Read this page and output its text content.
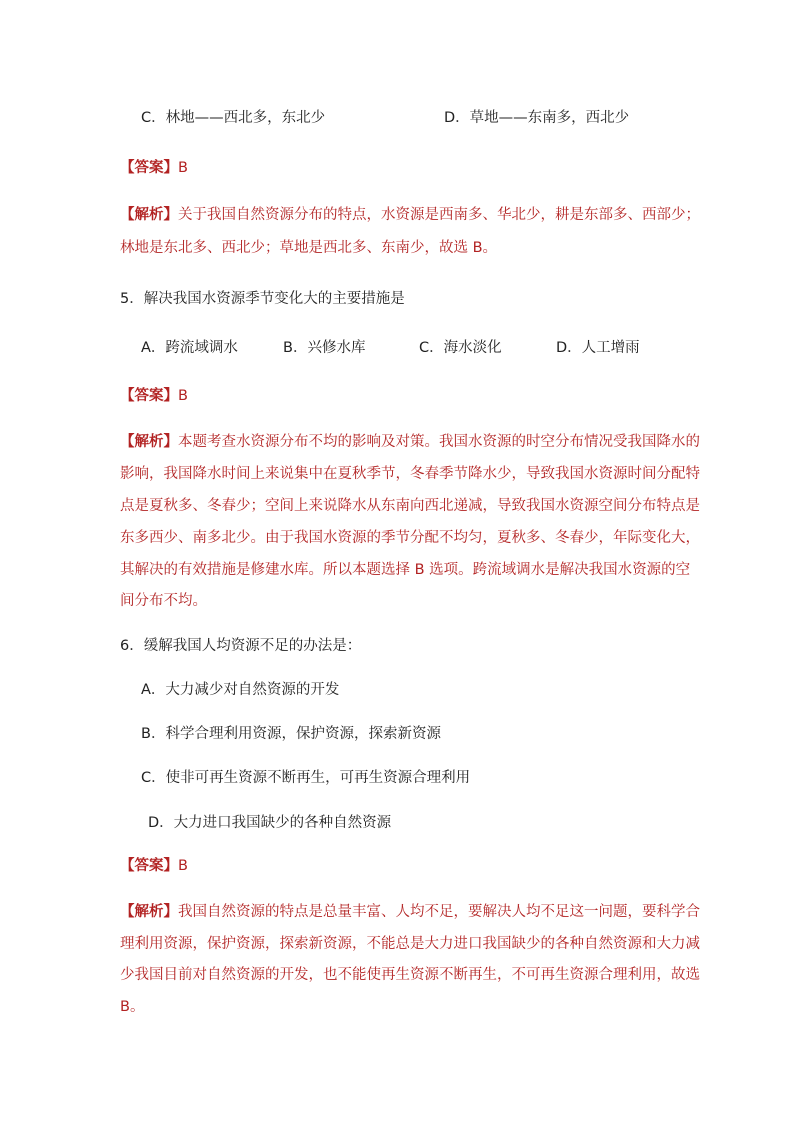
C．林地——西北多，东北少	D．草地——东南多，西北少
【答案】B
【解析】关于我国自然资源分布的特点，水资源是西南多、华北少，耕是东部多、西部少；
林地是东北多、西北少；草地是西北多、东南少，故选 B。
5．解决我国水资源季节变化大的主要措施是
A．跨流域调水	B．兴修水库	C．海水淡化	D．人工增雨
【答案】B
【解析】本题考查水资源分布不均的影响及对策。我国水资源的时空分布情况受我国降水的
影响，我国降水时间上来说集中在夏秋季节，冬春季节降水少，导致我国水资源时间分配特
点是夏秋多、冬春少；空间上来说降水从东南向西北递减，导致我国水资源空间分布特点是
东多西少、南多北少。由于我国水资源的季节分配不均匀，夏秋多、冬春少，年际变化大，
其解决的有效措施是修建水库。所以本题选择 B 选项。跨流域调水是解决我国水资源的空
间分布不均。
6．缓解我国人均资源不足的办法是：
A．大力减少对自然资源的开发
B．科学合理利用资源，保护资源，探索新资源
C．使非可再生资源不断再生，可再生资源合理利用
D．大力进口我国缺少的各种自然资源
【答案】B
【解析】我国自然资源的特点是总量丰富、人均不足，要解决人均不足这一问题，要科学合
理利用资源，保护资源，探索新资源，不能总是大力进口我国缺少的各种自然资源和大力减
少我国目前对自然资源的开发，也不能使再生资源不断再生，不可再生资源合理利用，故选
B。
